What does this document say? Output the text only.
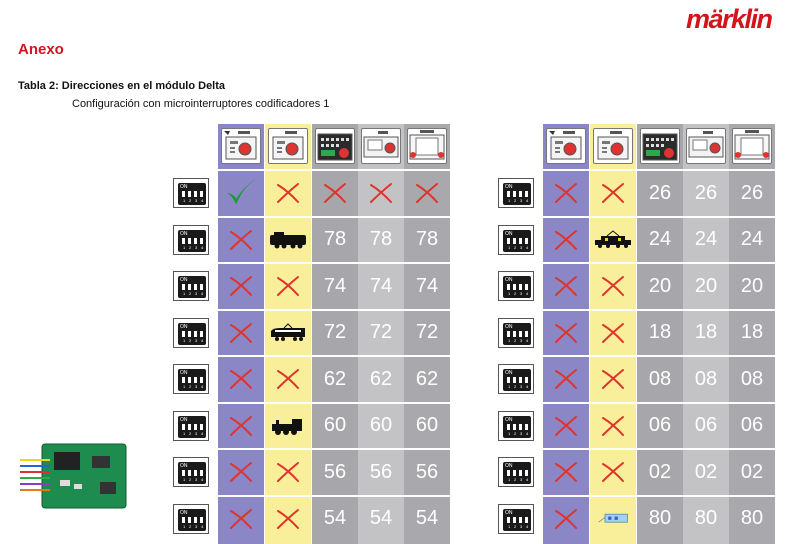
märklin
Anexo
Tabla 2: Direcciones en el módulo Delta
Configuración con microinterruptores codificadores 1
ON
1 2 3 4
ON
1 2 3 4	78 78 78
ON
1 2 3 4	74 74 74
ON
1 2 3 4	72 72 72
ON
1 2 3 4	62 62 62
ON
1 2 3 4	60 60 60
ON
1 2 3 4	56 56 56
ON
1 2 3 4	54 54 54
ON
1 2 3 4	26 26 26
ON
1 2 3 4	24 24 24
ON
1 2 3 4	20 20 20
ON
1 2 3 4	18 18 18
ON
1 2 3 4	08 08 08
ON
1 2 3 4	06 06 06
ON
1 2 3 4	02 02 02
ON
1 2 3 4	80 80 80
